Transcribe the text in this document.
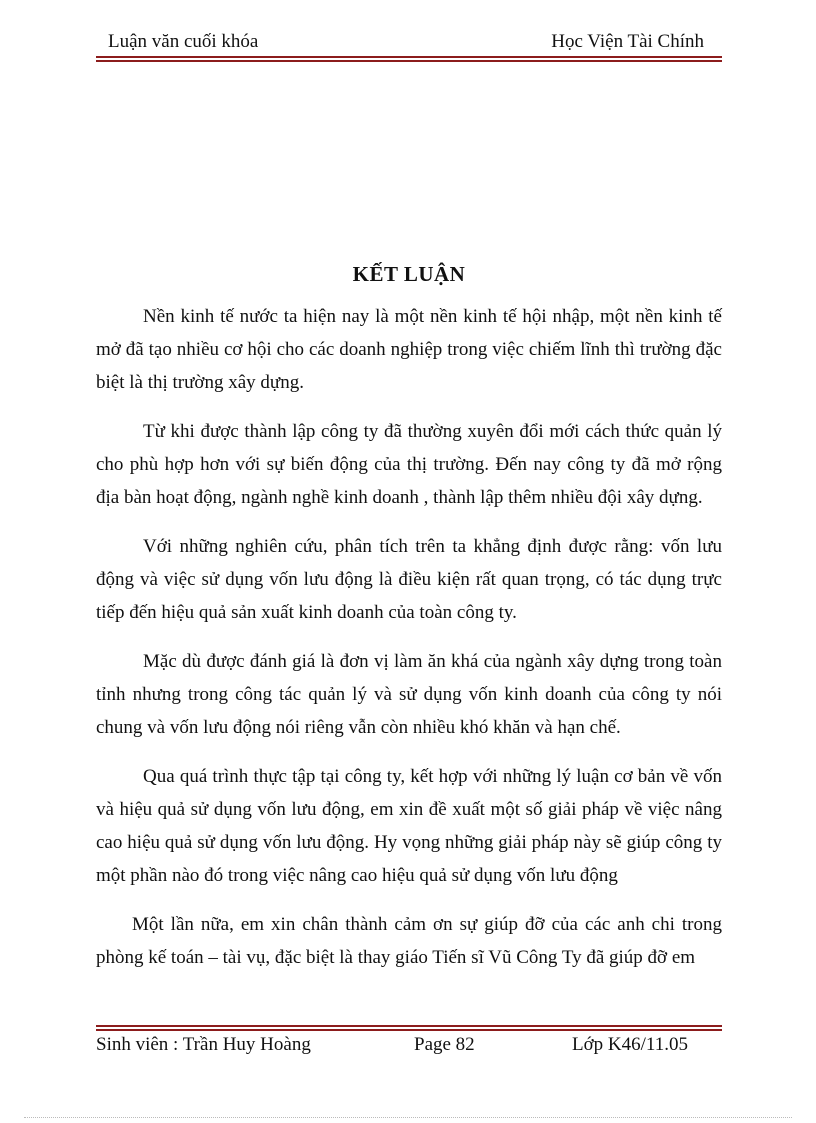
Luận văn cuối khóa	Học Viện Tài Chính
KẾT LUẬN

Nền kinh tế nước ta hiện nay là một nền kinh tế hội nhập, một nền kinh tế mở đã tạo nhiều cơ hội cho các doanh nghiệp trong việc chiếm lĩnh thì trường đặc biệt là thị trường xây dựng.

Từ khi được thành lập công ty đã thường xuyên đổi mới cách thức quản lý cho phù hợp hơn với sự biến động của thị trường. Đến nay công ty đã mở rộng địa bàn hoạt động, ngành nghề kinh doanh , thành lập thêm nhiều đội xây dựng.

Với những nghiên cứu, phân tích trên ta khẳng định được rằng: vốn lưu động và việc sử dụng vốn lưu động là điều kiện rất quan trọng, có tác dụng trực tiếp đến hiệu quả sản xuất kinh doanh của toàn công ty.

Mặc dù được đánh giá là đơn vị làm ăn khá của ngành xây dựng trong toàn tỉnh nhưng trong công tác quản lý và sử dụng vốn kinh doanh của công ty nói chung và vốn lưu động nói riêng vẫn còn nhiều khó khăn và hạn chế.

Qua quá trình thực tập tại công ty, kết hợp với những lý luận cơ bản về vốn và hiệu quả sử dụng vốn lưu động, em xin đề xuất một số giải pháp về việc nâng cao hiệu quả sử dụng vốn lưu động. Hy vọng những giải pháp này sẽ giúp công ty một phần nào đó trong việc nâng cao hiệu quả sử dụng vốn lưu động

Một lần nữa, em xin chân thành cảm ơn sự giúp đỡ của các anh chi trong phòng kế toán – tài vụ, đặc biệt là thay giáo Tiến sĩ Vũ Công Ty đã giúp đỡ em

Sinh viên : Trần Huy Hoàng	Page 82	Lớp K46/11.05
